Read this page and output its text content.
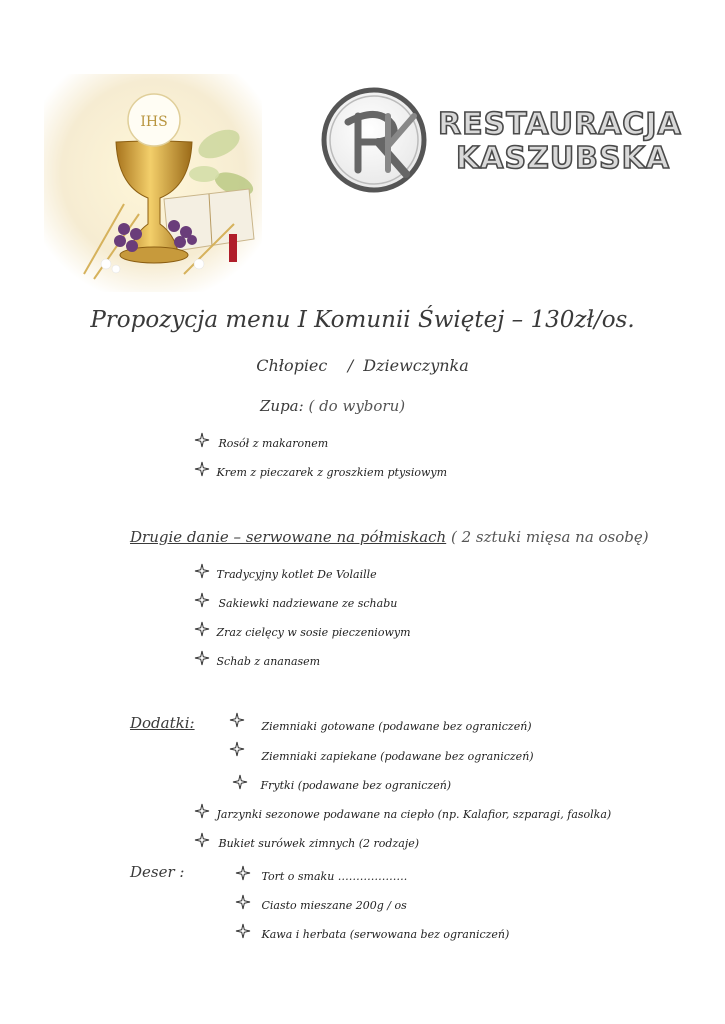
IHS	RESTAURACJA
KASZUBSKA
Propozycja menu I Komunii Świętej – 130zł/os.
Chłopiec    /  Dziewczynka
Zupa: ( do wyboru)
Rosół z makaronem
Krem z pieczarek z groszkiem ptysiowym
Drugie danie – serwowane na półmiskach ( 2 sztuki mięsa na osobę)
Tradycyjny kotlet De Volaille
Sakiewki nadziewane ze schabu
Zraz cielęcy w sosie pieczeniowym
Schab z ananasem
Dodatki:	Ziemniaki gotowane (podawane bez ograniczeń)
Ziemniaki zapiekane (podawane bez ograniczeń)
Frytki (podawane bez ograniczeń)
Jarzynki sezonowe podawane na ciepło (np. Kalafior, szparagi, fasolka)
Bukiet surówek zimnych (2 rodzaje)
Deser :	Tort o smaku ……………….
Ciasto mieszane 200g / os
Kawa i herbata (serwowana bez ograniczeń)
